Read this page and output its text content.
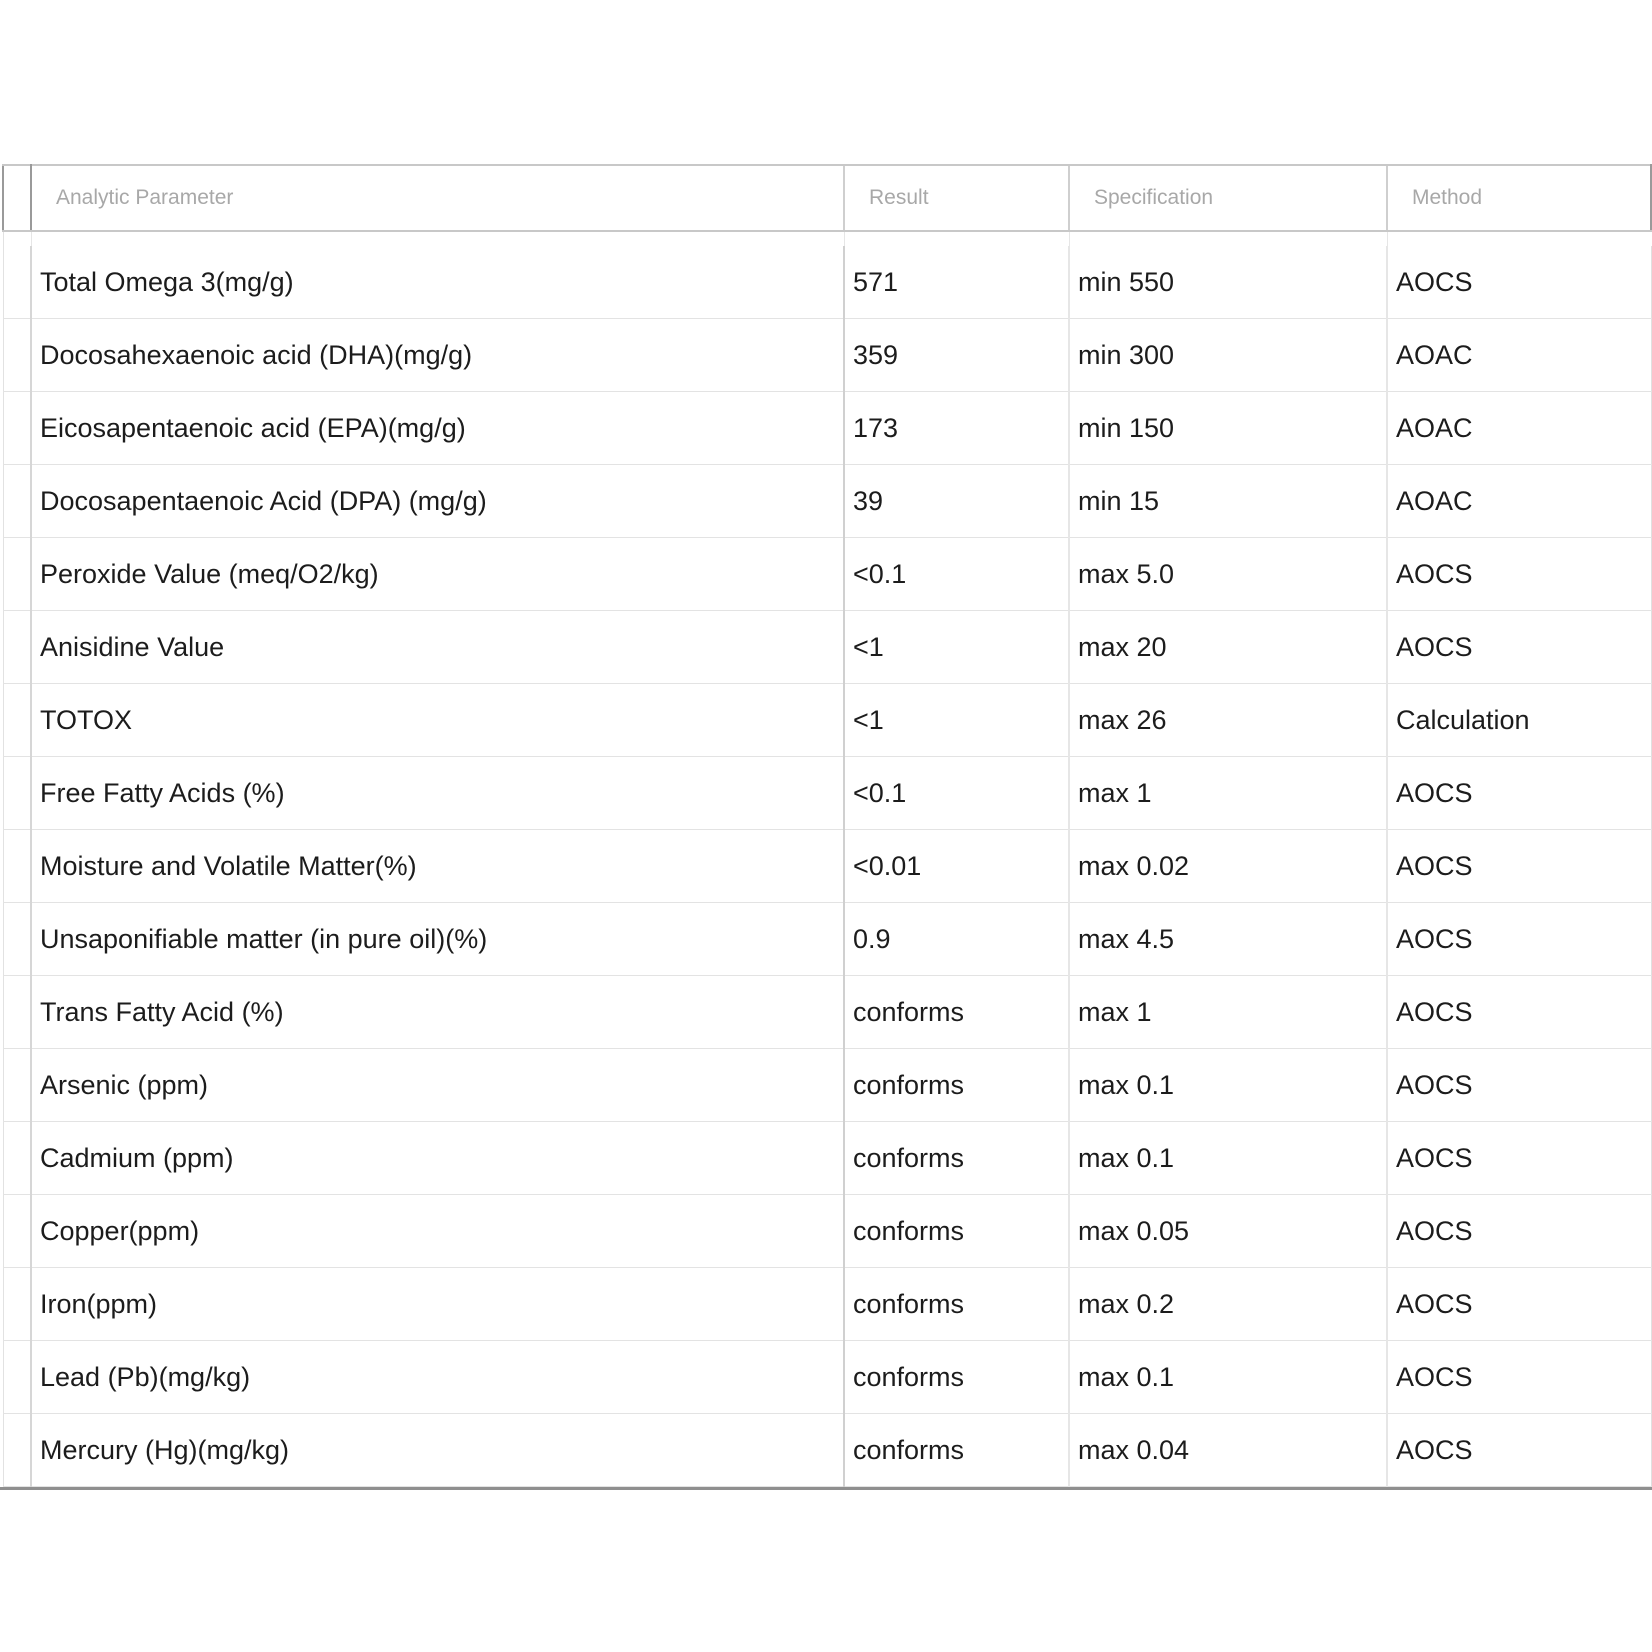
	Analytic Parameter	Result	Specification	Method

	Total Omega 3(mg/g)	571	min 550	AOCS
	Docosahexaenoic acid (DHA)(mg/g)	359	min 300	AOAC
	Eicosapentaenoic acid (EPA)(mg/g)	173	min 150	AOAC
	Docosapentaenoic Acid (DPA) (mg/g)	39	min 15	AOAC
	Peroxide Value (meq/O2/kg)	<0.1	max 5.0	AOCS
	Anisidine Value	<1	max 20	AOCS
	TOTOX	<1	max 26	Calculation
	Free Fatty Acids (%)	<0.1	max 1	AOCS
	Moisture and Volatile Matter(%)	<0.01	max 0.02	AOCS
	Unsaponifiable matter (in pure oil)(%)	0.9	max 4.5	AOCS
	Trans Fatty Acid (%)	conforms	max 1	AOCS
	Arsenic (ppm)	conforms	max 0.1	AOCS
	Cadmium (ppm)	conforms	max 0.1	AOCS
	Copper(ppm)	conforms	max 0.05	AOCS
	Iron(ppm)	conforms	max 0.2	AOCS
	Lead (Pb)(mg/kg)	conforms	max 0.1	AOCS
	Mercury (Hg)(mg/kg)	conforms	max 0.04	AOCS
